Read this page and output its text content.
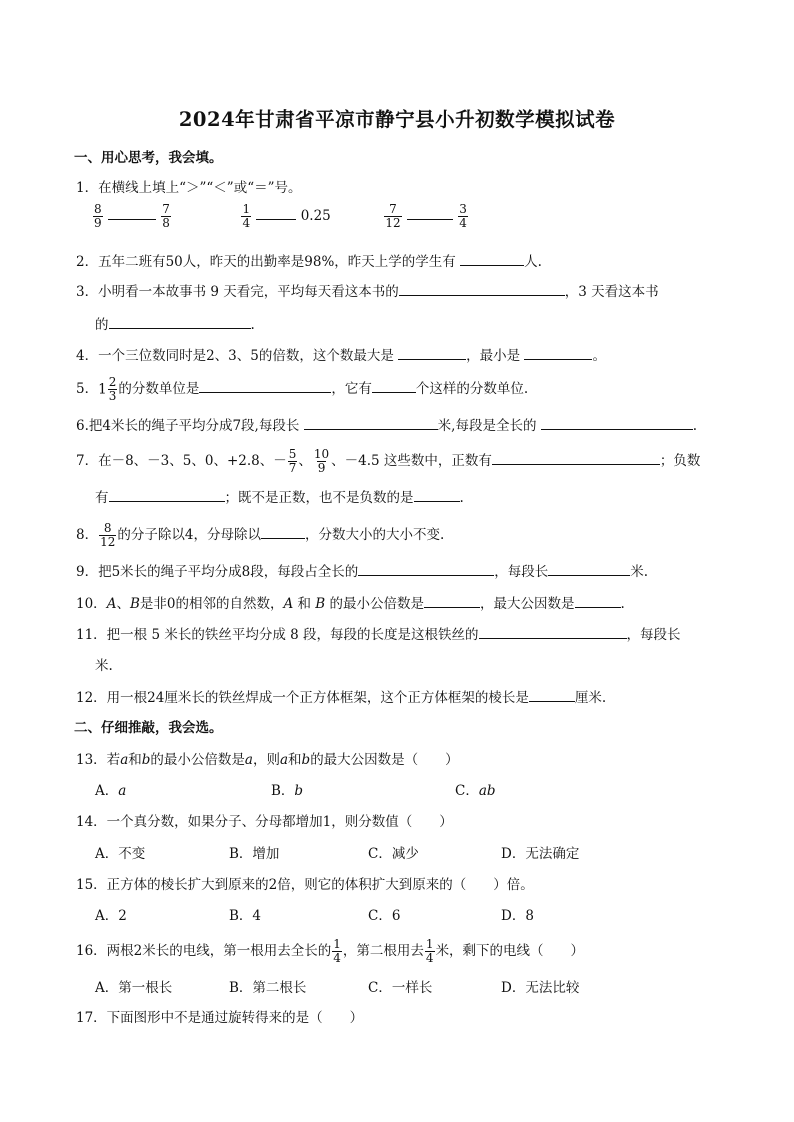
2024年甘肃省平凉市静宁县小升初数学模拟试卷
一、用心思考，我会填。
1．在横线上填上“＞”“＜”或“＝”号。
$\frac{8}{9}$
	$\frac{7}{8}$
	$\frac{1}{4}$	0.25	$\frac{7}{12}$
	$\frac{3}{4}$
2．五年二班有50人，昨天的出勤率是98%，昨天上学的学生有	人.
3．小明看一本故事书 9 天看完，平均每天看这本书的	，3 天看这本书
的	.
4．一个三位数同时是2、3、5的倍数，这个数最大是	，最小是	。
5．$1 \frac{2}{3}$ 的分数单位是	，它有	个这样的分数单位.
6.把4米长的绳子平均分成7段,每段长	米,每段是全长的	.
7．在－8、－3、5、0、+2.8、－ $\frac{5}{7}$ 、 $\frac{10}{9}$ 、－4.5 这些数中，正数有	；负数
有	；既不是正数，也不是负数的是	.
8． $\frac{8}{12}$ 的分子除以4，分母除以	，分数大小的大小不变.
9．把5米长的绳子平均分成8段，每段占全长的	，每段长	米.
10．A、B是非0的相邻的自然数，A 和 B 的最小公倍数是	，最大公因数是	.
11．把一根 5 米长的铁丝平均分成 8 段，每段的长度是这根铁丝的	，每段长
米.
12．用一根24厘米长的铁丝焊成一个正方体框架，这个正方体框架的棱长是	厘米.
二、仔细推敲，我会选。
13．若a和b的最小公倍数是a，则a和b的最大公因数是（　　）
A．a	B．b	C．ab
14．一个真分数，如果分子、分母都增加1，则分数值（　　）
A．不变	B．增加	C．减少	D．无法确定
15．正方体的棱长扩大到原来的2倍，则它的体积扩大到原来的（　　）倍。
A．2	B．4	C．6	D．8
16．两根2米长的电线，第一根用去全长的 $\frac{1}{4}$ ，第二根用去 $\frac{1}{4}$ 米，剩下的电线（　　）
A．第一根长	B．第二根长	C．一样长	D．无法比较
17．下面图形中不是通过旋转得来的是（　　）
